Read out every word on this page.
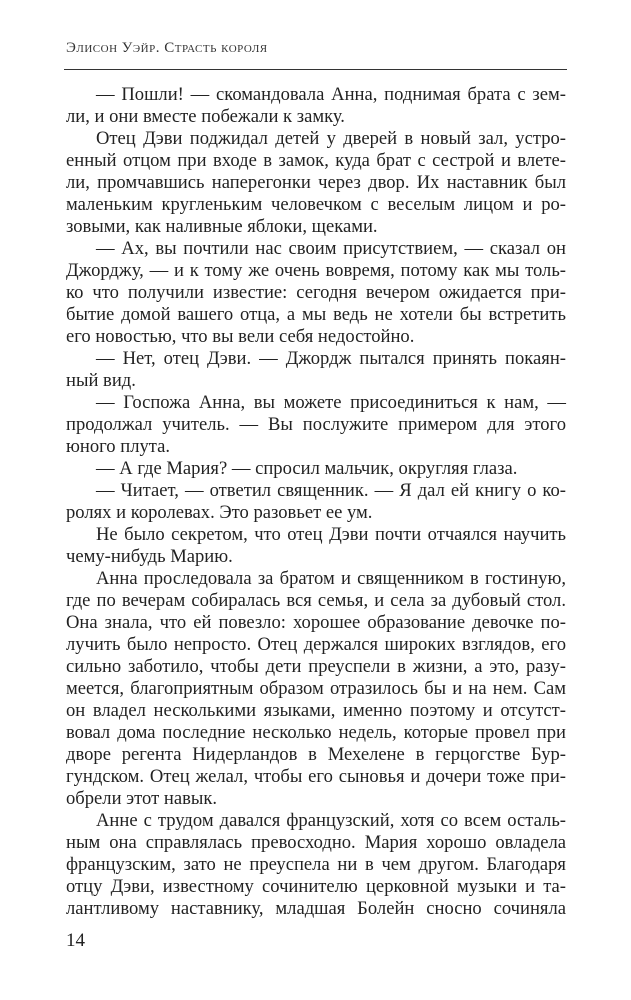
Элисон Уэйр. Страсть короля
— Пошли! — скомандовала Анна, поднимая брата с зем-
ли, и они вместе побежали к замку.
Отец Дэви поджидал детей у дверей в новый зал, устро-
енный отцом при входе в замок, куда брат с сестрой и влете-
ли, промчавшись наперегонки через двор. Их наставник был
маленьким кругленьким человечком с веселым лицом и ро-
зовыми, как наливные яблоки, щеками.
— Ах, вы почтили нас своим присутствием, — сказал он
Джорджу, — и к тому же очень вовремя, потому как мы толь-
ко что получили известие: сегодня вечером ожидается при-
бытие домой вашего отца, а мы ведь не хотели бы встретить
его новостью, что вы вели себя недостойно.
— Нет, отец Дэви. — Джордж пытался принять покаян-
ный вид.
— Госпожа Анна, вы можете присоединиться к нам, —
продолжал учитель. — Вы послужите примером для этого
юного плута.
— А где Мария? — спросил мальчик, округляя глаза.
— Читает, — ответил священник. — Я дал ей книгу о ко-
ролях и королевах. Это разовьет ее ум.
Не было секретом, что отец Дэви почти отчаялся научить
чему-нибудь Марию.
Анна проследовала за братом и священником в гостиную,
где по вечерам собиралась вся семья, и села за дубовый стол.
Она знала, что ей повезло: хорошее образование девочке по-
лучить было непросто. Отец держался широких взглядов, его
сильно заботило, чтобы дети преуспели в жизни, а это, разу-
меется, благоприятным образом отразилось бы и на нем. Сам
он владел несколькими языками, именно поэтому и отсутст-
вовал дома последние несколько недель, которые провел при
дворе регента Нидерландов в Мехелене в герцогстве Бур-
гундском. Отец желал, чтобы его сыновья и дочери тоже при-
обрели этот навык.
Анне с трудом давался французский, хотя со всем осталь-
ным она справлялась превосходно. Мария хорошо овладела
французским, зато не преуспела ни в чем другом. Благодаря
отцу Дэви, известному сочинителю церковной музыки и та-
лантливому наставнику, младшая Болейн сносно сочиняла
14
